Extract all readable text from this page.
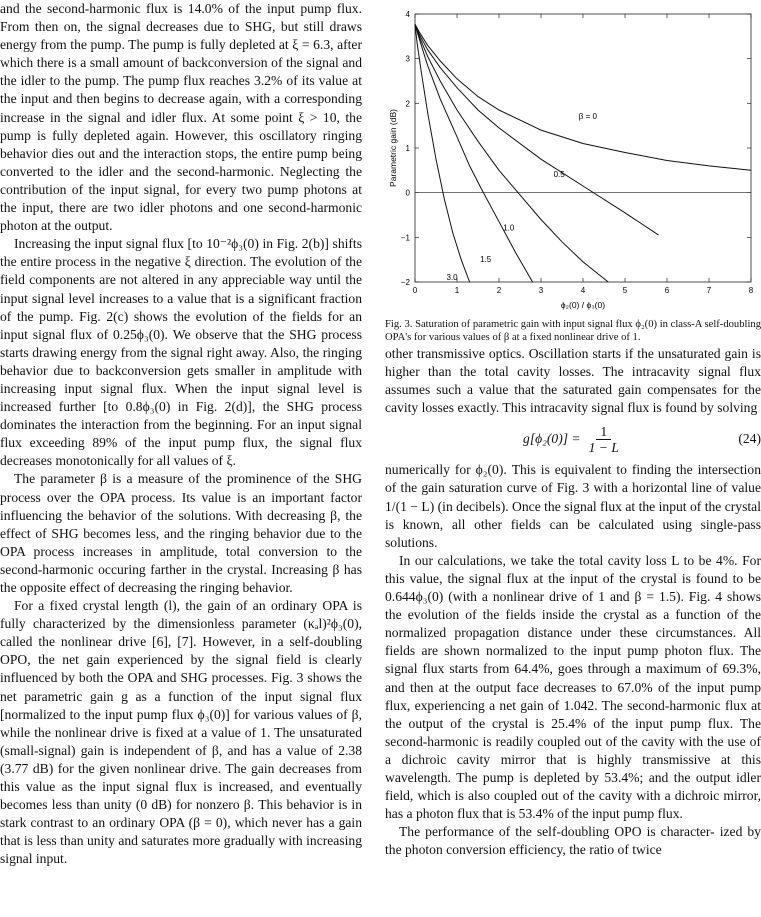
and the second-harmonic flux is 14.0% of the input pump flux. From then on, the signal decreases due to SHG, but still draws energy from the pump. The pump is fully depleted at ξ = 6.3, after which there is a small amount of backconversion of the signal and the idler to the pump. The pump flux reaches 3.2% of its value at the input and then begins to decrease again, with a corresponding increase in the signal and idler flux. At some point ξ > 10, the pump is fully depleted again. However, this oscillatory ringing behavior dies out and the interaction stops, the entire pump being converted to the idler and the second-harmonic. Neglecting the contribution of the input signal, for every two pump photons at the input, there are two idler photons and one second-harmonic photon at the output.

Increasing the input signal flux [to 10⁻²ϕ₃(0) in Fig. 2(b)] shifts the entire process in the negative ξ direction. The evolution of the field components are not altered in any appreciable way until the input signal level increases to a value that is a significant fraction of the pump. Fig. 2(c) shows the evolution of the fields for an input signal flux of 0.25ϕ₃(0). We observe that the SHG process starts drawing energy from the signal right away. Also, the ringing behavior due to backconversion gets smaller in amplitude with increasing input signal flux. When the input signal level is increased further [to 0.8ϕ₃(0) in Fig. 2(d)], the SHG process dominates the interaction from the beginning. For an input signal flux exceeding 89% of the input pump flux, the signal flux decreases monotonically for all values of ξ.

The parameter β is a measure of the prominence of the SHG process over the OPA process. Its value is an important factor influencing the behavior of the solutions. With decreasing β, the effect of SHG becomes less, and the ringing behavior due to the OPA process increases in amplitude, total conversion to the second-harmonic occuring farther in the crystal. Increasing β has the opposite effect of decreasing the ringing behavior.

For a fixed crystal length (l), the gain of an ordinary OPA is fully characterized by the dimensionless parameter (κₐl)²ϕ₃(0), called the nonlinear drive [6], [7]. However, in a self-doubling OPO, the net gain experienced by the signal field is clearly influenced by both the OPA and SHG processes. Fig. 3 shows the net parametric gain g as a function of the input signal flux [normalized to the input pump flux ϕ₃(0)] for various values of β, while the nonlinear drive is fixed at a value of 1. The unsaturated (small-signal) gain is independent of β, and has a value of 2.38 (3.77 dB) for the given nonlinear drive. The gain decreases from this value as the input signal flux is increased, and eventually becomes less than unity (0 dB) for nonzero β. This behavior is in stark contrast to an ordinary OPA (β = 0), which never has a gain that is less than unity and saturates more gradually with increasing signal input.

0	1	2	3	4	5	6	7	8
−2
−1
0
1
2
3
4
ϕ₂(0) / ϕ₃(0)
Parametric gain (dB)	β = 0
0.5
1.0
1.5
3.0
Fig. 3. Saturation of parametric gain with input signal flux ϕ₂(0) in class-A self-doubling OPA's for various values of β at a fixed nonlinear drive of 1.

other transmissive optics. Oscillation starts if the unsaturated gain is higher than the total cavity losses. The intracavity signal flux assumes such a value that the saturated gain compensates for the cavity losses exactly. This intracavity signal flux is found by solving

$g[\phi_2(0)] = \frac{1}{1 - L}$	(24)

numerically for ϕ₂(0). This is equivalent to finding the intersection of the gain saturation curve of Fig. 3 with a horizontal line of value 1/(1 − L) (in decibels). Once the signal flux at the input of the crystal is known, all other fields can be calculated using single-pass solutions.

In our calculations, we take the total cavity loss L to be 4%. For this value, the signal flux at the input of the crystal is found to be 0.644ϕ₃(0) (with a nonlinear drive of 1 and β = 1.5). Fig. 4 shows the evolution of the fields inside the crystal as a function of the normalized propagation distance under these circumstances. All fields are shown normalized to the input pump photon flux. The signal flux starts from 64.4%, goes through a maximum of 69.3%, and then at the output face decreases to 67.0% of the input pump flux, experiencing a net gain of 1.042. The second-harmonic flux at the output of the crystal is 25.4% of the input pump flux. The second-harmonic is readily coupled out of the cavity with the use of a dichroic cavity mirror that is highly transmissive at this wavelength. The pump is depleted by 53.4%; and the output idler field, which is also coupled out of the cavity with a dichroic mirror, has a photon flux that is 53.4% of the input pump flux.

The performance of the self-doubling OPO is character- ized by the photon conversion efficiency, the ratio of twice
